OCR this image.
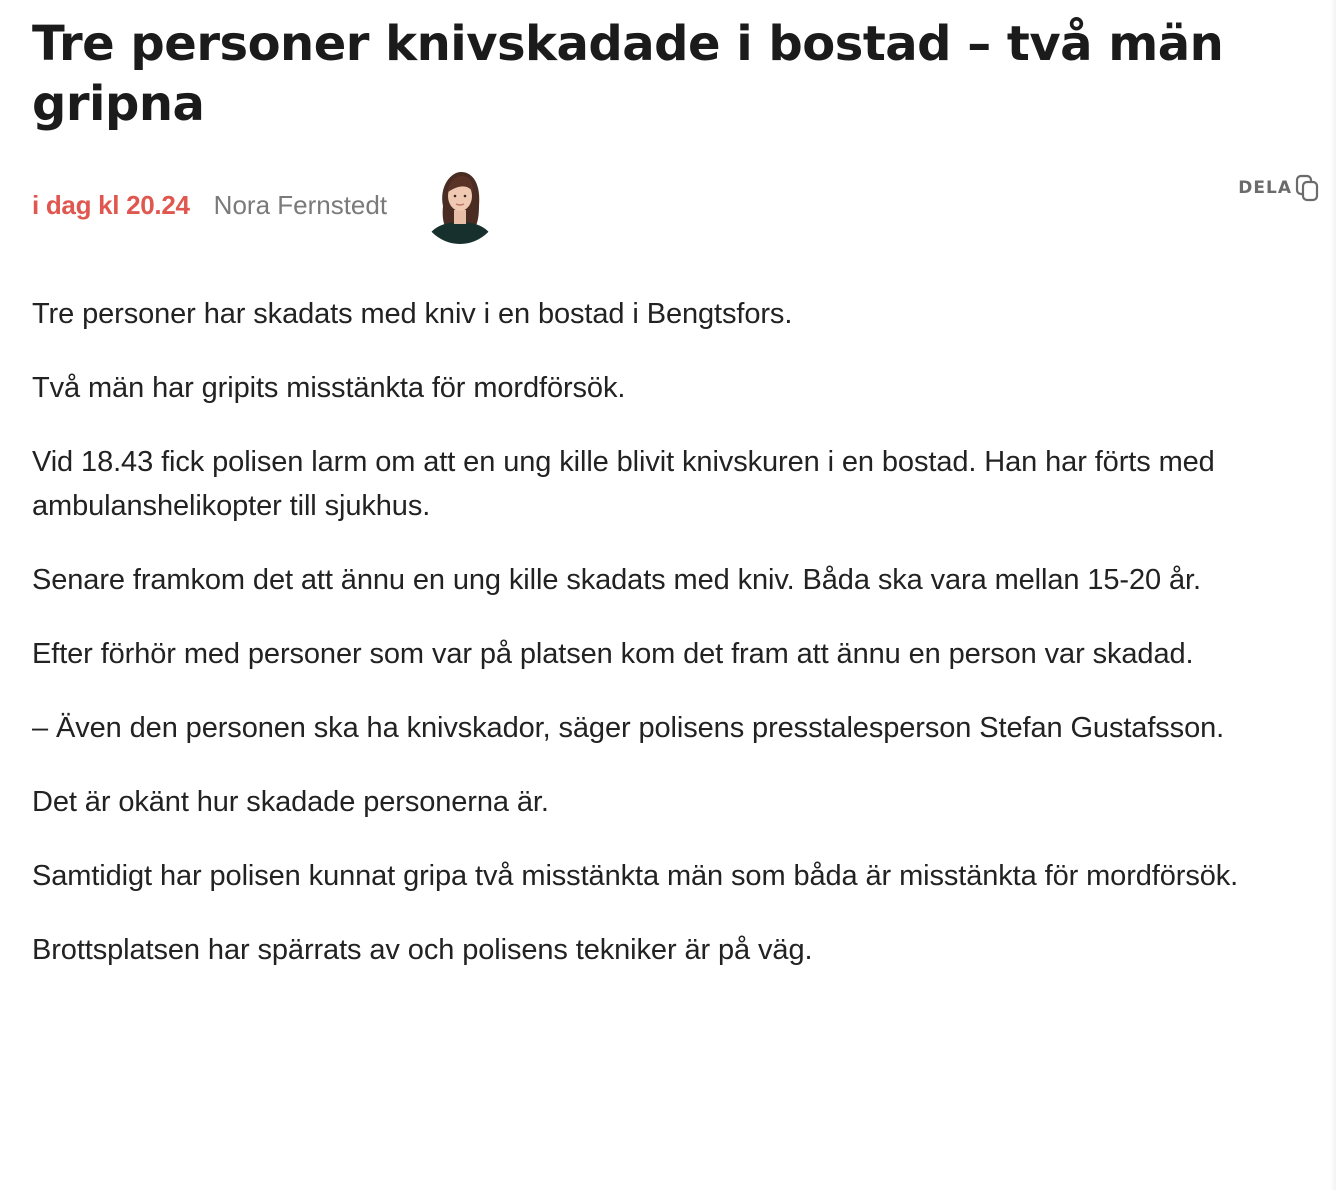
Tre personer knivskadade i bostad – två män gripna
i dag kl 20.24 Nora Fernstedt

Tre personer har skadats med kniv i en bostad i Bengtsfors.

Två män har gripits misstänkta för mordförsök.

Vid 18.43 fick polisen larm om att en ung kille blivit knivskuren i en bostad. Han har förts med ambulanshelikopter till sjukhus.

Senare framkom det att ännu en ung kille skadats med kniv. Båda ska vara mellan 15-20 år.

Efter förhör med personer som var på platsen kom det fram att ännu en person var skadad.

– Även den personen ska ha knivskador, säger polisens presstalesperson Stefan Gustafsson.

Det är okänt hur skadade personerna är.

Samtidigt har polisen kunnat gripa två misstänkta män som båda är misstänkta för mordförsök.

Brottsplatsen har spärrats av och polisens tekniker är på väg.

DELA
